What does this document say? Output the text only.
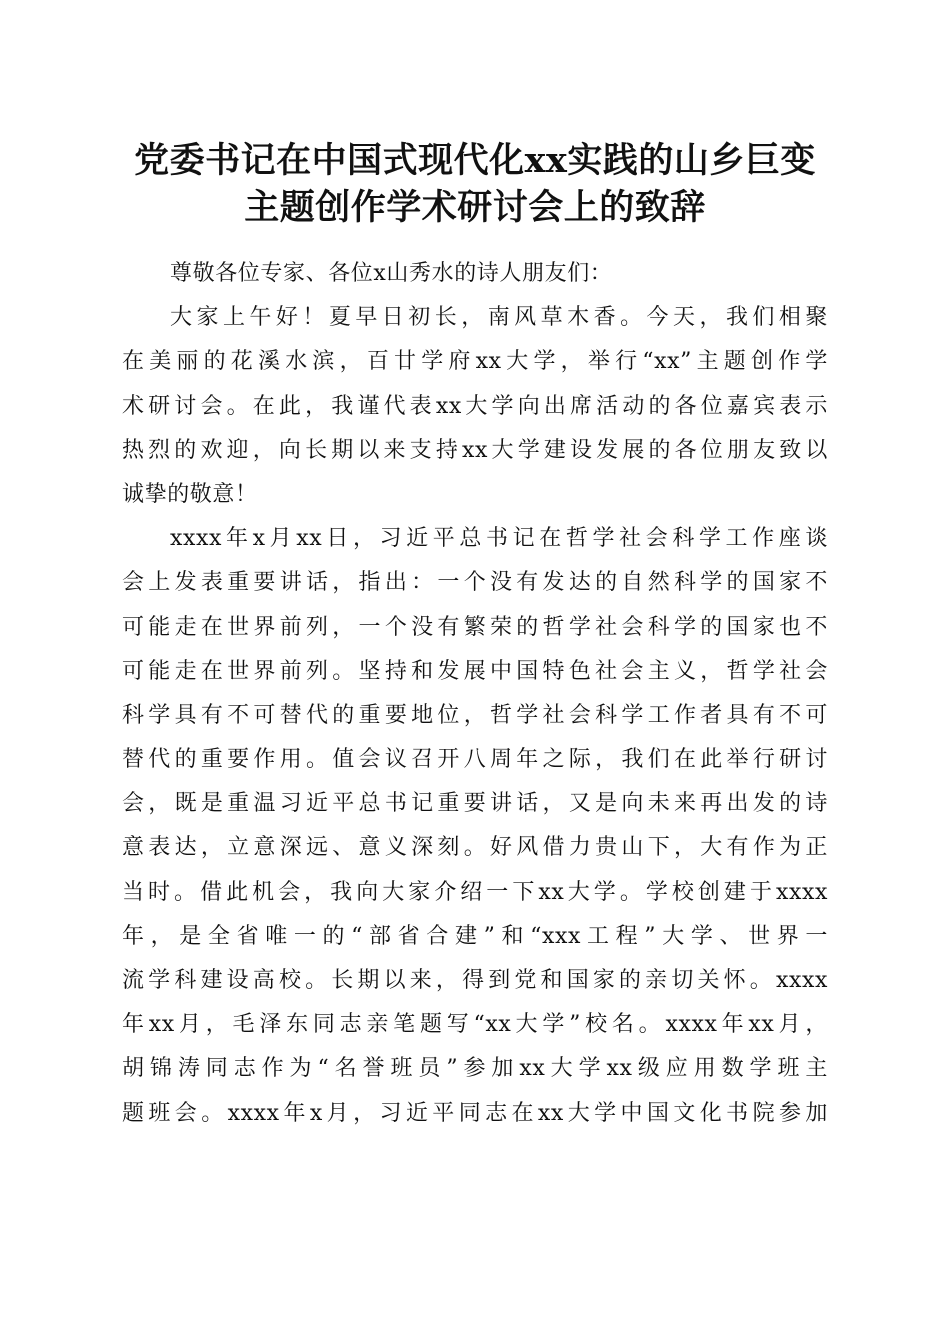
党委书记在中国式现代化xx实践的山乡巨变
主题创作学术研讨会上的致辞
尊敬各位专家、各位x山秀水的诗人朋友们：
大家上午好！夏早日初长，南风草木香。今天，我们相聚
在美丽的花溪水滨，百廿学府xx大学，举行“xx”主题创作学
术研讨会。在此，我谨代表xx大学向出席活动的各位嘉宾表示
热烈的欢迎，向长期以来支持xx大学建设发展的各位朋友致以
诚挚的敬意！
xxxx年x月xx日，习近平总书记在哲学社会科学工作座谈
会上发表重要讲话，指出：一个没有发达的自然科学的国家不
可能走在世界前列，一个没有繁荣的哲学社会科学的国家也不
可能走在世界前列。坚持和发展中国特色社会主义，哲学社会
科学具有不可替代的重要地位，哲学社会科学工作者具有不可
替代的重要作用。值会议召开八周年之际，我们在此举行研讨
会，既是重温习近平总书记重要讲话，又是向未来再出发的诗
意表达，立意深远、意义深刻。好风借力贵山下，大有作为正
当时。借此机会，我向大家介绍一下xx大学。学校创建于xxxx
年，是全省唯一的“部省合建”和“xxx工程”大学、世界一
流学科建设高校。长期以来，得到党和国家的亲切关怀。xxxx
年xx月，毛泽东同志亲笔题写“xx大学”校名。xxxx年xx月，
胡锦涛同志作为“名誉班员”参加xx大学xx级应用数学班主
题班会。xxxx年x月，习近平同志在xx大学中国文化书院参加
